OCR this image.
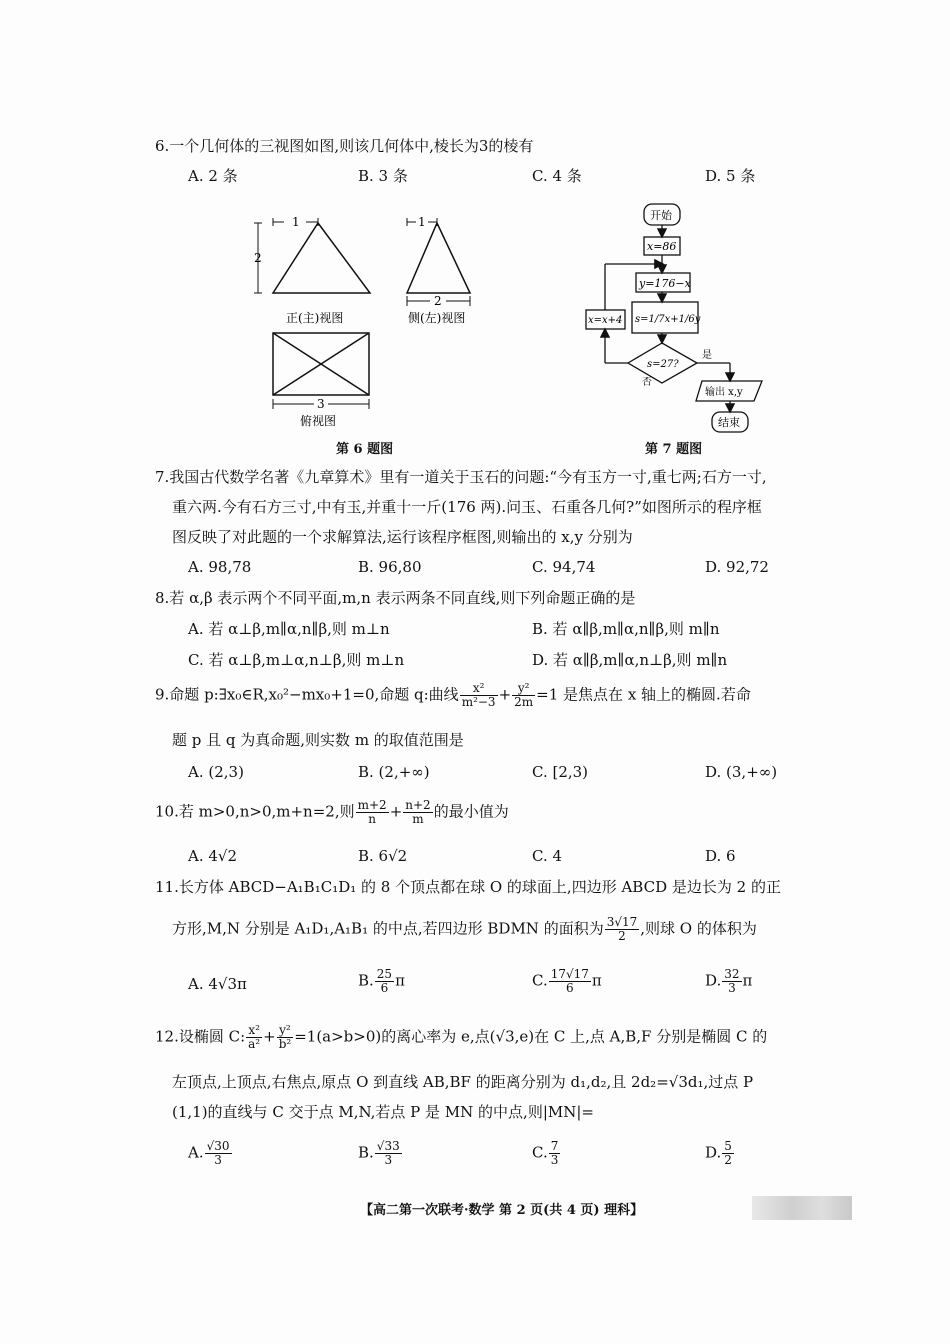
6.一个几何体的三视图如图,则该几何体中,棱长为3的棱有
A. 2 条	B. 3 条	C. 4 条	D. 5 条
1
2
正(主)视图
1
2
侧(左)视图
3
俯视图
第 6 题图
开始
x=86
y=176−x
s=1/7x+1/6y
s=27?
是
否
x=x+4
输出 x,y
结束
第 7 题图
7.我国古代数学名著《九章算术》里有一道关于玉石的问题:“今有玉方一寸,重七两;石方一寸,
重六两.今有石方三寸,中有玉,并重十一斤(176 两).问玉、石重各几何?”如图所示的程序框
图反映了对此题的一个求解算法,运行该程序框图,则输出的 x,y 分别为
A. 98,78	B. 96,80	C. 94,74	D. 92,72
8.若 α,β 表示两个不同平面,m,n 表示两条不同直线,则下列命题正确的是
A. 若 α⊥β,m∥α,n∥β,则 m⊥n	B. 若 α∥β,m∥α,n∥β,则 m∥n
C. 若 α⊥β,m⊥α,n⊥β,则 m⊥n	D. 若 α∥β,m∥α,n⊥β,则 m∥n
9.命题 p:∃x₀∈R,x₀²−mx₀+1=0,命题 q:曲线 $\frac{\text{x²}}{\text{m²−3}} + \frac{\text{y²}}{2m} =1$ 是焦点在 x 轴上的椭圆.若命
题 p 且 q 为真命题,则实数 m 的取值范围是
A. (2,3)	B. (2,+∞)	C. [2,3)	D. (3,+∞)
10.若 m>0,n>0,m+n=2,则 $\frac{m+2}{n} + \frac{n+2}{m}$ 的最小值为
A. 4√2	B. 6√2	C. 4	D. 6
11.长方体 ABCD−A₁B₁C₁D₁ 的 8 个顶点都在球 O 的球面上,四边形 ABCD 是边长为 2 的正
方形,M,N 分别是 A₁D₁,A₁B₁ 的中点,若四边形 BDMN 的面积为 $\frac{3√17}{2}$ ,则球 O 的体积为
A. 4√3π	B. $\frac{25}{6}$ π	C. $\frac{17√17}{6}$ π	D. $\frac{32}{3}$ π
12.设椭圆 C: $\frac{\text{x²}}{\text{a²}} + \frac{\text{y²}}{\text{b²}} =1(a>b>0)$的离心率为 e,点(√3,e)在 C 上,点 A,B,F 分别是椭圆 C 的
左顶点,上顶点,右焦点,原点 O 到直线 AB,BF 的距离分别为 d₁,d₂,且 2d₂=√3d₁,过点 P
(1,1)的直线与 C 交于点 M,N,若点 P 是 MN 的中点,则|MN|=
A. $\frac{√30}{3}$	B. $\frac{√33}{3}$	C. $\frac{7}{3}$	D. $\frac{5}{2}$
【高二第一次联考·数学 第 2 页(共 4 页) 理科】
